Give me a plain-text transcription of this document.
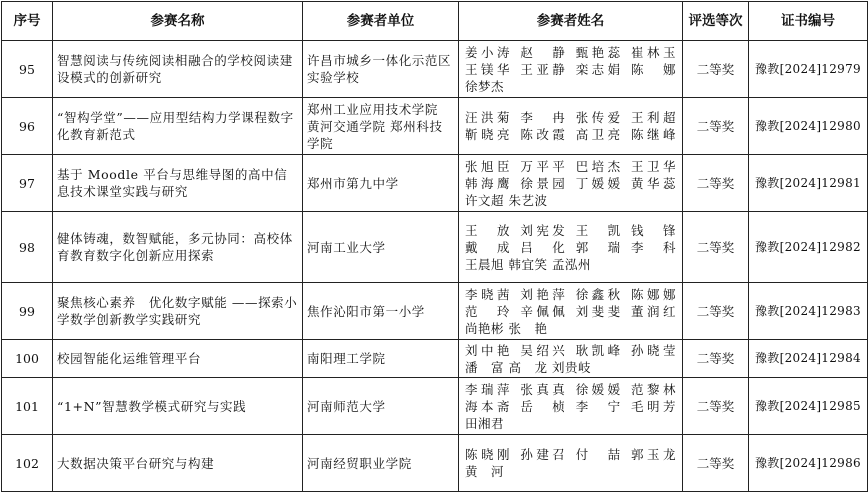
序号	参赛名称	参赛者单位	参赛者姓名	评选等次	证书编号
95	智慧阅读与传统阅读相融合的学校阅读建设模式的创新研究	许昌市城乡一体化示范区实验学校	姜小涛 赵　静 甄艳蕊 崔林玉
王镁华 王亚静 栾志娟 陈　娜
徐梦杰	二等奖	豫教[2024]12979
96	“智构学堂”——应用型结构力学课程数字化教育新范式	郑州工业应用技术学院 黄河交通学院 郑州科技学院	汪洪菊 李　冉 张传爱 王利超
靳晓亮 陈改霞 高卫亮 陈继峰	二等奖	豫教[2024]12980
97	基于 Moodle 平台与思维导图的高中信息技术课堂实践与研究	郑州市第九中学	张旭臣 万平平 巴培杰 王卫华
韩海鹰 徐景园 丁媛媛 黄华蕊
许文超 朱艺波	二等奖	豫教[2024]12981
98	健体铸魂，数智赋能，多元协同：高校体育教育数字化创新应用探索	河南工业大学	王　放 刘宪发 王　凯 钱　锋
戴　成 吕　化 郭　瑞 李　科
王晨旭 韩宜笑 孟泓州	二等奖	豫教[2024]12982
99	聚焦核心素养　优化数字赋能 ——探索小学数学创新教学实践研究	焦作沁阳市第一小学	李晓茜 刘艳萍 徐鑫秋 陈娜娜
范　玲 辛佩佩 刘斐斐 董润红
尚艳彬 张　艳	二等奖	豫教[2024]12983
100	校园智能化运维管理平台	南阳理工学院	刘中艳 吴绍兴 耿凯峰 孙晓莹
潘　富 高　龙 刘贵岐	二等奖	豫教[2024]12984
101	“1+N”智慧教学模式研究与实践	河南师范大学	李瑞萍 张真真 徐媛媛 范黎林
海本斋 岳　桢 李　宁 毛明芳
田湘君	二等奖	豫教[2024]12985
102	大数据决策平台研究与构建	河南经贸职业学院	陈晓刚 孙建召 付　喆 郭玉龙
黄　河	二等奖	豫教[2024]12986
